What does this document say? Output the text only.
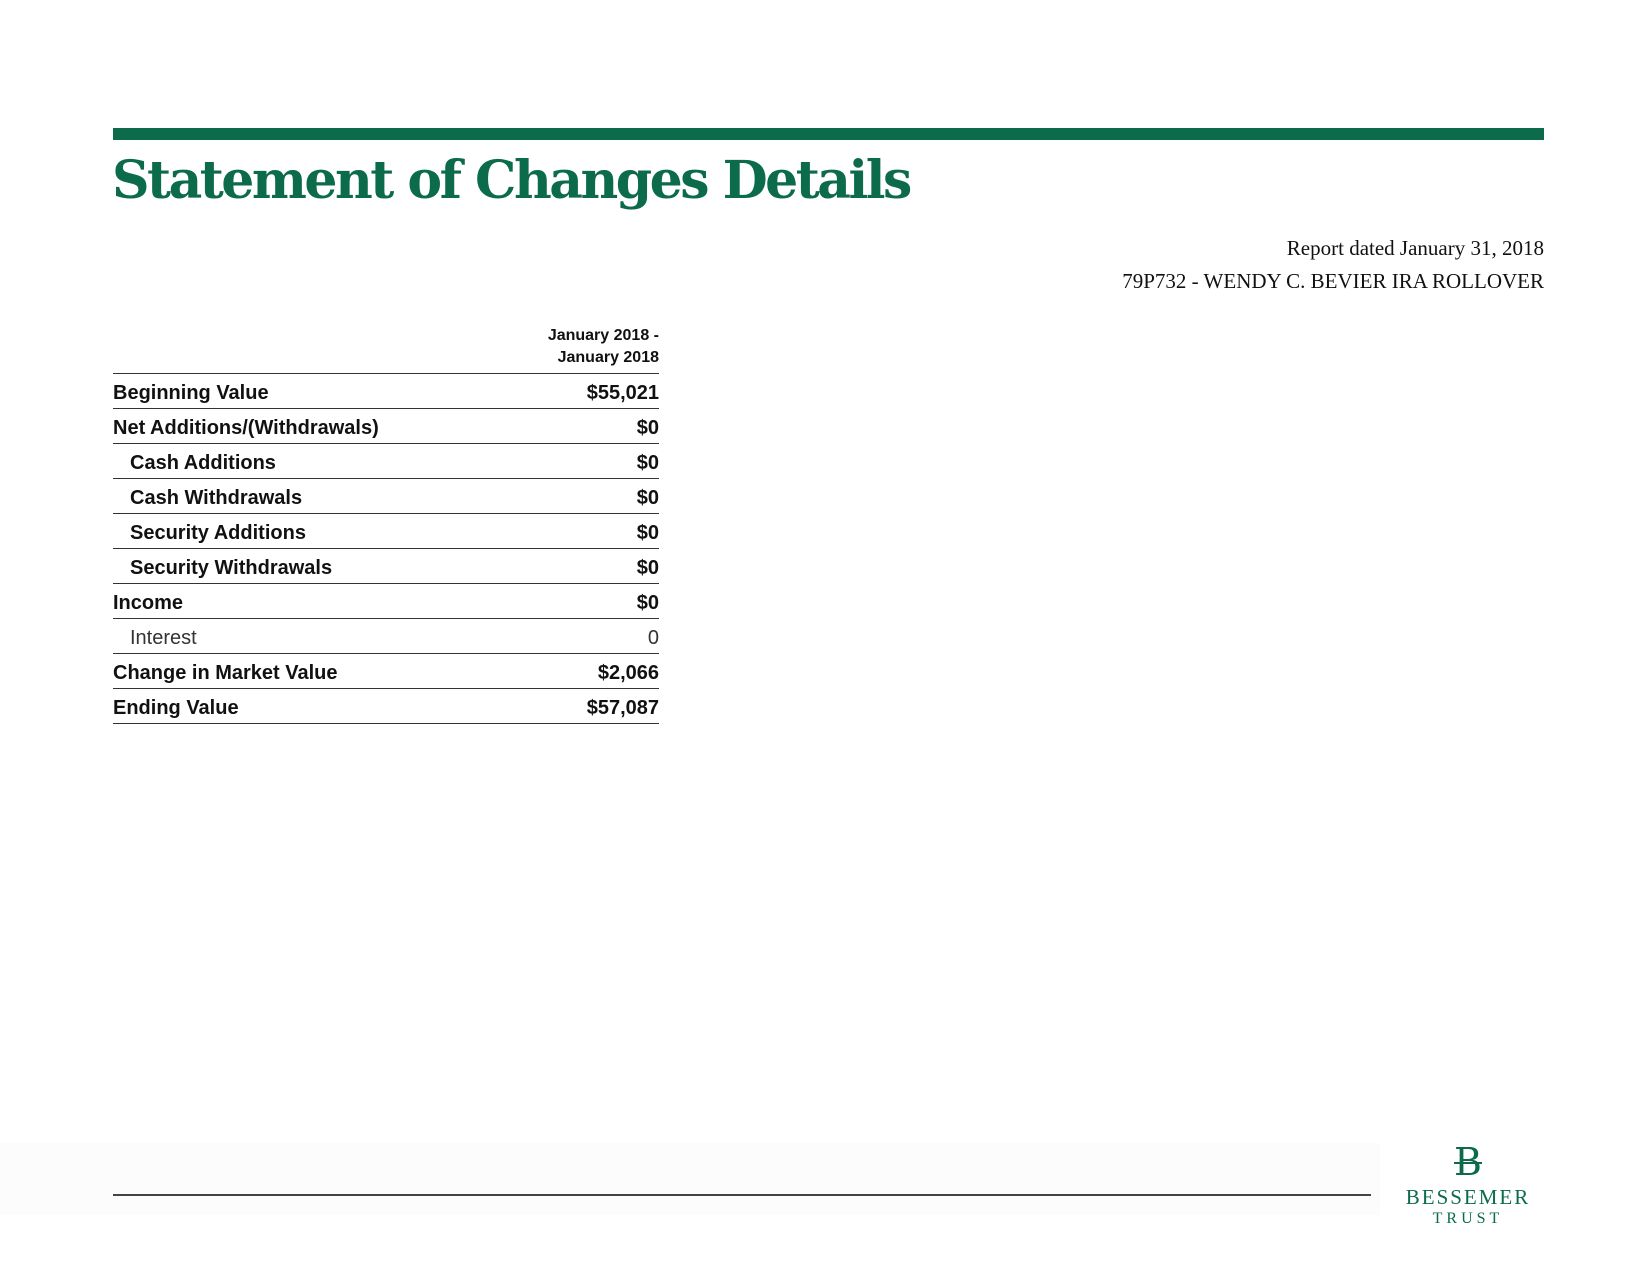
Statement of Changes Details
Report dated January 31, 2018
79P732 - WENDY C. BEVIER IRA ROLLOVER
January 2018 -
January 2018
Beginning Value	$55,021
Net Additions/(Withdrawals)	$0
Cash Additions	$0
Cash Withdrawals	$0
Security Additions	$0
Security Withdrawals	$0
Income	$0
Interest	0
Change in Market Value	$2,066
Ending Value	$57,087
B
BESSEMER
TRUST
